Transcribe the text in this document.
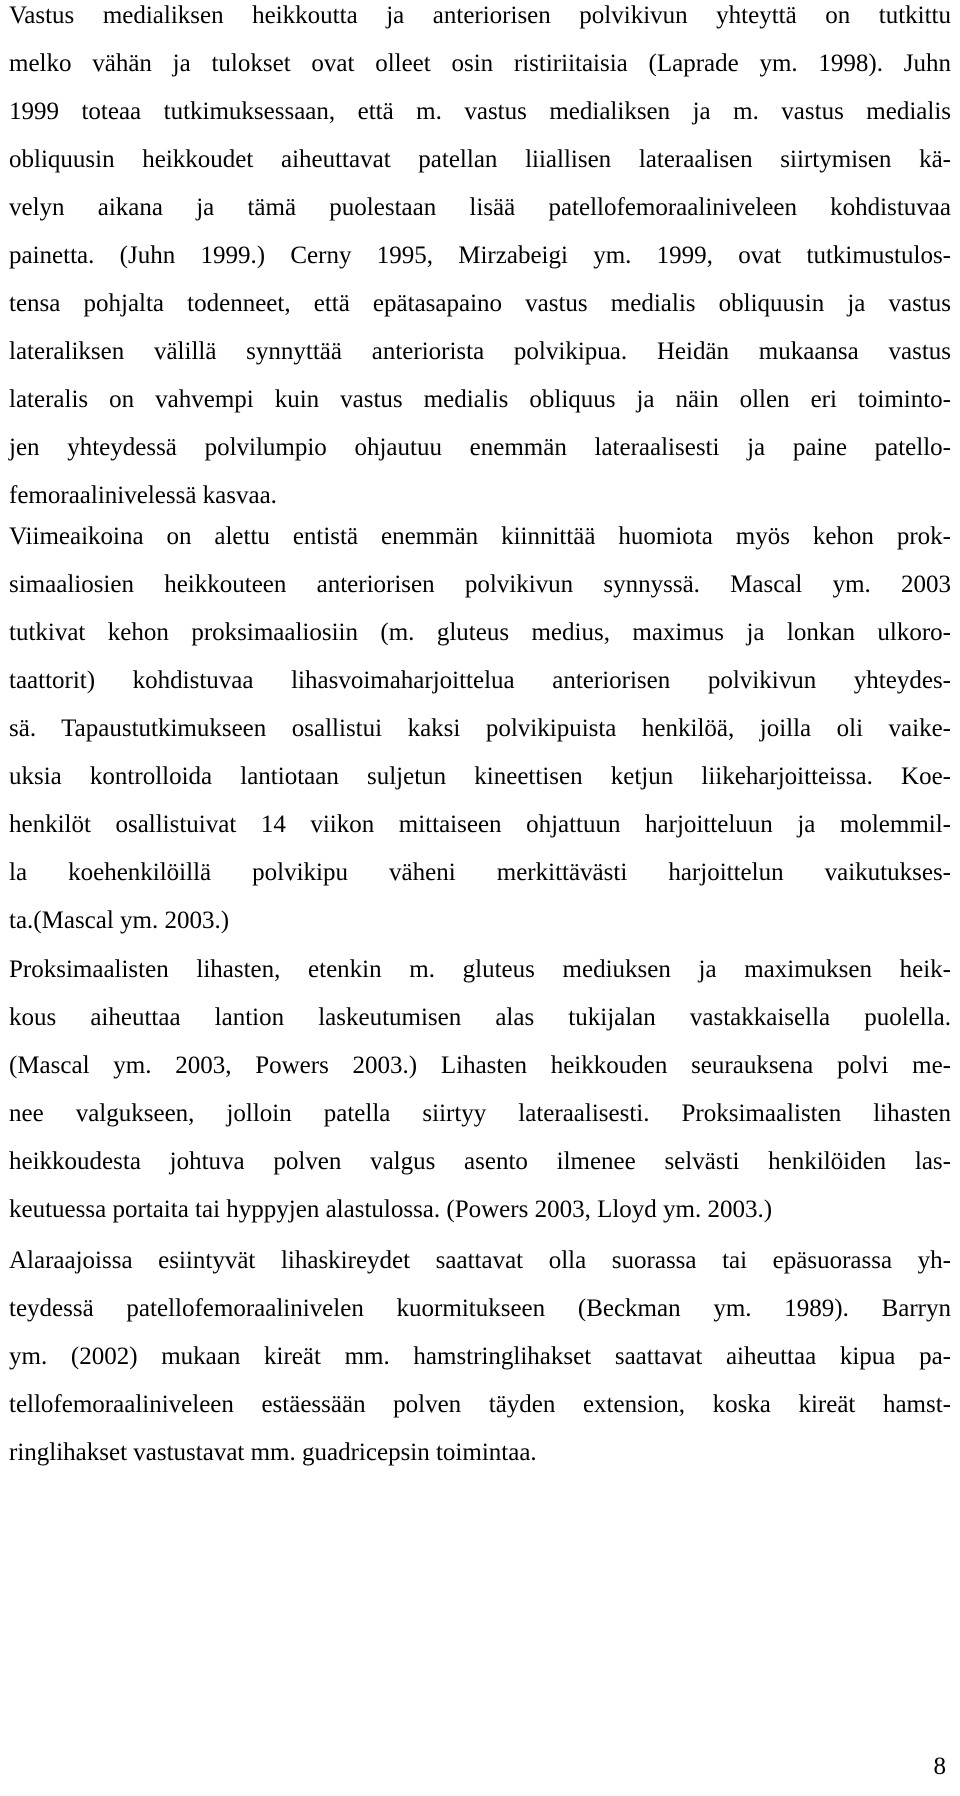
Vastus medialiksen heikkoutta ja anteriorisen polvikivun yhteyttä on tutkittu
melko vähän ja tulokset ovat olleet osin ristiriitaisia (Laprade ym. 1998). Juhn
1999 toteaa tutkimuksessaan, että m. vastus medialiksen ja m. vastus medialis
obliquusin heikkoudet aiheuttavat patellan liiallisen lateraalisen siirtymisen kä-
velyn aikana ja tämä puolestaan lisää patellofemoraaliniveleen kohdistuvaa
painetta. (Juhn 1999.) Cerny 1995, Mirzabeigi ym. 1999, ovat tutkimustulos-
tensa pohjalta todenneet, että epätasapaino vastus medialis obliquusin ja vastus
lateraliksen välillä synnyttää anteriorista polvikipua. Heidän mukaansa vastus
lateralis on vahvempi kuin vastus medialis obliquus ja näin ollen eri toiminto-
jen yhteydessä polvilumpio ohjautuu enemmän lateraalisesti ja paine patello-
femoraalinivelessä kasvaa.
Viimeaikoina on alettu entistä enemmän kiinnittää huomiota myös kehon prok-
simaaliosien heikkouteen anteriorisen polvikivun synnyssä. Mascal ym. 2003
tutkivat kehon proksimaaliosiin (m. gluteus medius, maximus ja lonkan ulkoro-
taattorit) kohdistuvaa lihasvoimaharjoittelua anteriorisen polvikivun yhteydes-
sä. Tapaustutkimukseen osallistui kaksi polvikipuista henkilöä, joilla oli vaike-
uksia kontrolloida lantiotaan suljetun kineettisen ketjun liikeharjoitteissa. Koe-
henkilöt osallistuivat 14 viikon mittaiseen ohjattuun harjoitteluun ja molemmil-
la koehenkilöillä polvikipu väheni merkittävästi harjoittelun vaikutukses-
ta.(Mascal ym. 2003.)
Proksimaalisten lihasten, etenkin m. gluteus mediuksen ja maximuksen heik-
kous aiheuttaa lantion laskeutumisen alas tukijalan vastakkaisella puolella.
(Mascal ym. 2003, Powers 2003.) Lihasten heikkouden seurauksena polvi me-
nee valgukseen, jolloin patella siirtyy lateraalisesti. Proksimaalisten lihasten
heikkoudesta johtuva polven valgus asento ilmenee selvästi henkilöiden las-
keutuessa portaita tai hyppyjen alastulossa. (Powers 2003, Lloyd ym. 2003.)
Alaraajoissa esiintyvät lihaskireydet saattavat olla suorassa tai epäsuorassa yh-
teydessä patellofemoraalinivelen kuormitukseen (Beckman ym. 1989). Barryn
ym. (2002) mukaan kireät mm. hamstringlihakset saattavat aiheuttaa kipua pa-
tellofemoraaliniveleen estäessään polven täyden extension, koska kireät hamst-
ringlihakset vastustavat mm. guadricepsin toimintaa.
8
